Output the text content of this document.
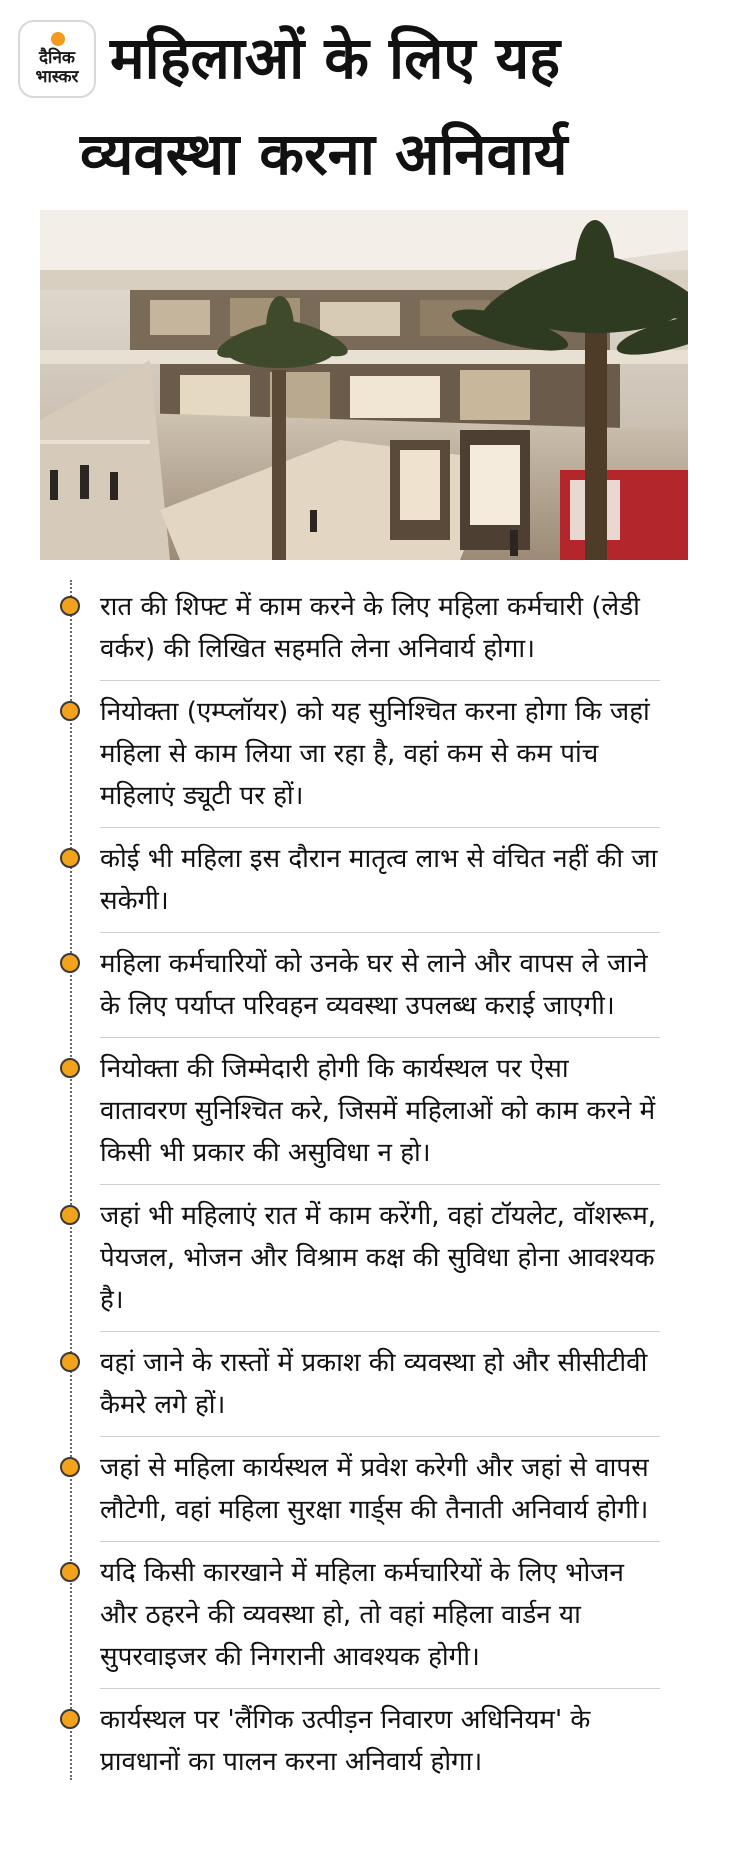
दैनिक
भास्कर महिलाओं के लिए यह
व्यवस्था करना अनिवार्य
रात की शिफ्ट में काम करने के लिए महिला कर्मचारी (लेडी वर्कर) की लिखित सहमति लेना अनिवार्य होगा।
नियोक्ता (एम्प्लॉयर) को यह सुनिश्चित करना होगा कि जहां महिला से काम लिया जा रहा है, वहां कम से कम पांच महिलाएं ड्यूटी पर हों।
कोई भी महिला इस दौरान मातृत्व लाभ से वंचित नहीं की जा सकेगी।
महिला कर्मचारियों को उनके घर से लाने और वापस ले जाने के लिए पर्याप्त परिवहन व्यवस्था उपलब्ध कराई जाएगी।
नियोक्ता की जिम्मेदारी होगी कि कार्यस्थल पर ऐसा वातावरण सुनिश्चित करे, जिसमें महिलाओं को काम करने में किसी भी प्रकार की असुविधा न हो।
जहां भी महिलाएं रात में काम करेंगी, वहां टॉयलेट, वॉशरूम, पेयजल, भोजन और विश्राम कक्ष की सुविधा होना आवश्यक है।
वहां जाने के रास्तों में प्रकाश की व्यवस्था हो और सीसीटीवी कैमरे लगे हों।
जहां से महिला कार्यस्थल में प्रवेश करेगी और जहां से वापस लौटेगी, वहां महिला सुरक्षा गार्ड्स की तैनाती अनिवार्य होगी।
यदि किसी कारखाने में महिला कर्मचारियों के लिए भोजन और ठहरने की व्यवस्था हो, तो वहां महिला वार्डन या सुपरवाइजर की निगरानी आवश्यक होगी।
कार्यस्थल पर 'लैंगिक उत्पीड़न निवारण अधिनियम' के प्रावधानों का पालन करना अनिवार्य होगा।
